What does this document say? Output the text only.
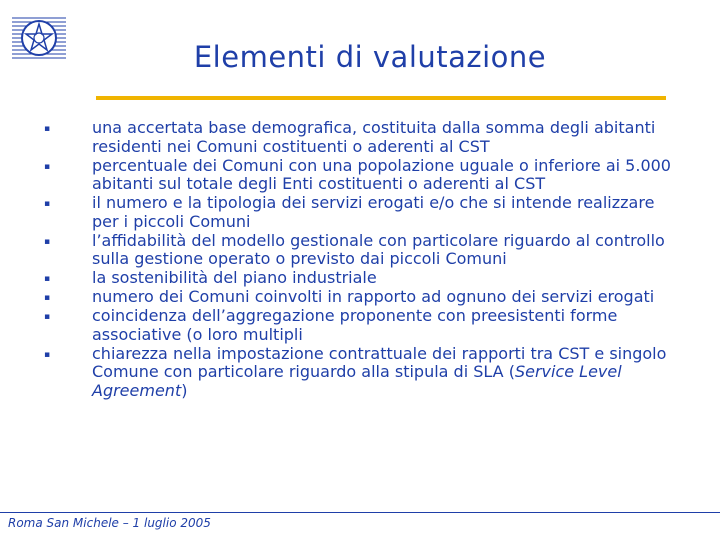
Elementi di valutazione
▪	una accertata base demografica, costituita dalla somma degli abitanti residenti nei Comuni costituenti o aderenti al CST
▪	percentuale dei Comuni con una popolazione uguale o inferiore ai 5.000 abitanti sul totale degli Enti costituenti o aderenti al CST
▪	il numero e la tipologia dei servizi erogati e/o che si intende realizzare per i piccoli Comuni
▪	l’affidabilità del modello gestionale con particolare riguardo al controllo sulla gestione operato o previsto dai piccoli Comuni
▪	la sostenibilità del piano industriale
▪	numero dei Comuni coinvolti in rapporto ad ognuno dei servizi erogati
▪	coincidenza dell’aggregazione proponente con preesistenti forme associative (o loro multipli
▪	chiarezza nella impostazione contrattuale dei rapporti tra CST e singolo Comune con particolare riguardo alla stipula di SLA (Service Level Agreement)
Roma San Michele – 1 luglio 2005
